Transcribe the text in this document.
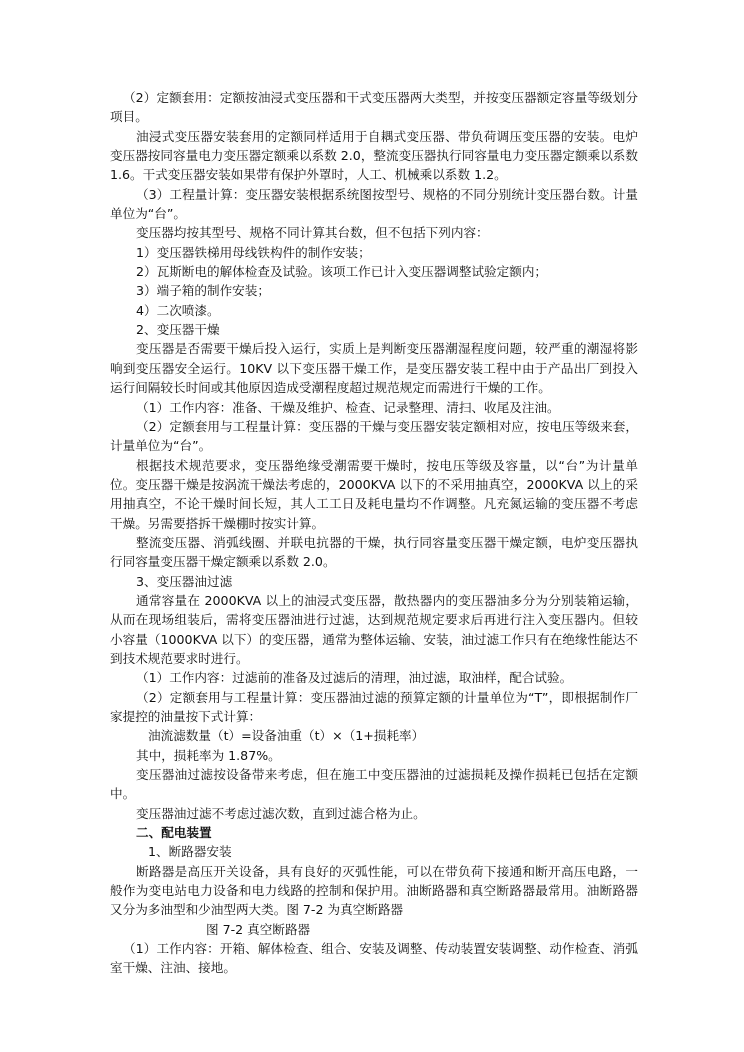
（2）定额套用：定额按油浸式变压器和干式变压器两大类型，并按变压器额定容量等级划分项目。

油浸式变压器安装套用的定额同样适用于自耦式变压器、带负荷调压变压器的安装。电炉变压器按同容量电力变压器定额乘以系数 2.0，整流变压器执行同容量电力变压器定额乘以系数 1.6。干式变压器安装如果带有保护外罩时，人工、机械乘以系数 1.2。

（3）工程量计算：变压器安装根据系统图按型号、规格的不同分别统计变压器台数。计量单位为“台”。

变压器均按其型号、规格不同计算其台数，但不包括下列内容：

1）变压器铁梯用母线铁构件的制作安装；

2）瓦斯断电的解体检查及试验。该项工作已计入变压器调整试验定额内；

3）端子箱的制作安装；

4）二次喷漆。

2、变压器干燥

变压器是否需要干燥后投入运行，实质上是判断变压器潮湿程度问题，较严重的潮湿将影响到变压器安全运行。10KV 以下变压器干燥工作，是变压器安装工程中由于产品出厂到投入运行间隔较长时间或其他原因造成受潮程度超过规范规定而需进行干燥的工作。

（1）工作内容：准备、干燥及维护、检查、记录整理、清扫、收尾及注油。

（2）定额套用与工程量计算：变压器的干燥与变压器安装定额相对应，按电压等级来套，计量单位为“台”。

根据技术规范要求，变压器绝缘受潮需要干燥时，按电压等级及容量，以“台”为计量单位。变压器干燥是按涡流干燥法考虑的，2000KVA 以下的不采用抽真空，2000KVA 以上的采用抽真空，不论干燥时间长短，其人工工日及耗电量均不作调整。凡充氮运输的变压器不考虑干燥。另需要搭拆干燥棚时按实计算。

整流变压器、消弧线圈、并联电抗器的干燥，执行同容量变压器干燥定额，电炉变压器执行同容量变压器干燥定额乘以系数 2.0。

3、变压器油过滤

通常容量在 2000KVA 以上的油浸式变压器，散热器内的变压器油多分为分别装箱运输，从而在现场组装后，需将变压器油进行过滤，达到规范规定要求后再进行注入变压器内。但较小容量（1000KVA 以下）的变压器，通常为整体运输、安装，油过滤工作只有在绝缘性能达不到技术规范要求时进行。

（1）工作内容：过滤前的准备及过滤后的清理，油过滤，取油样，配合试验。

（2）定额套用与工程量计算：变压器油过滤的预算定额的计量单位为“T”，即根据制作厂家提控的油量按下式计算：

油流滤数量（t）=设备油重（t）×（1+损耗率）

其中，损耗率为 1.87%。

变压器油过滤按设备带来考虑，但在施工中变压器油的过滤损耗及操作损耗已包括在定额中。

变压器油过滤不考虑过滤次数，直到过滤合格为止。

二、配电装置

1、断路器安装

断路器是高压开关设备，具有良好的灭弧性能，可以在带负荷下接通和断开高压电路，一般作为变电站电力设备和电力线路的控制和保护用。油断路器和真空断路器最常用。油断路器又分为多油型和少油型两大类。图 7-2 为真空断路器

图 7-2 真空断路器

（1）工作内容：开箱、解体检查、组合、安装及调整、传动装置安装调整、动作检查、消弧室干燥、注油、接地。
